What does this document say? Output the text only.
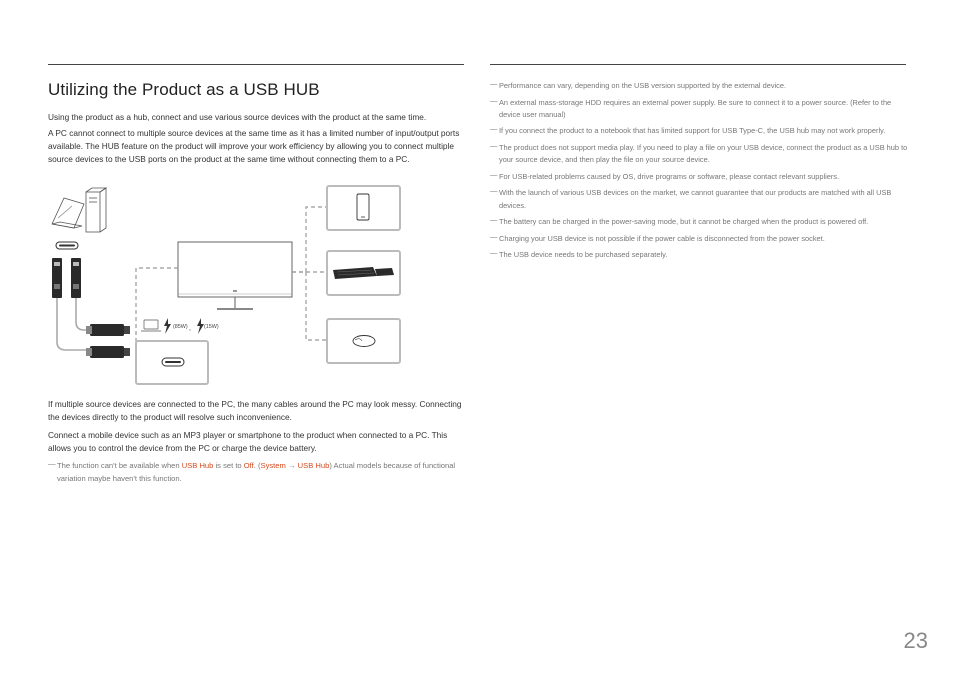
Utilizing the Product as a USB HUB

Using the product as a hub, connect and use various source devices with the product at the same time.

A PC cannot connect to multiple source devices at the same time as it has a limited number of input/output ports available. The HUB feature on the product will improve your work efficiency by allowing you to connect multiple source devices to the USB ports on the product at the same time without connecting them to a PC.

(85W) , (15W)

If multiple source devices are connected to the PC, the many cables around the PC may look messy. Connecting the devices directly to the product will resolve such inconvenience.

Connect a mobile device such as an MP3 player or smartphone to the product when connected to a PC. This allows you to control the device from the PC or charge the device battery.

― The function can't be available when USB Hub is set to Off. (System → USB Hub) Actual models because of functional variation maybe haven't this function.

― Performance can vary, depending on the USB version supported by the external device.

― An external mass-storage HDD requires an external power supply. Be sure to connect it to a power source. (Refer to the device user manual)

― If you connect the product to a notebook that has limited support for USB Type-C, the USB hub may not work properly.

― The product does not support media play. If you need to play a file on your USB device, connect the product as a USB hub to your source device, and then play the file on your source device.

― For USB-related problems caused by OS, drive programs or software, please contact relevant suppliers.

― With the launch of various USB devices on the market, we cannot guarantee that our products are matched with all USB devices.

― The battery can be charged in the power-saving mode, but it cannot be charged when the product is powered off.

― Charging your USB device is not possible if the power cable is disconnected from the power socket.

― The USB device needs to be purchased separately.

23
